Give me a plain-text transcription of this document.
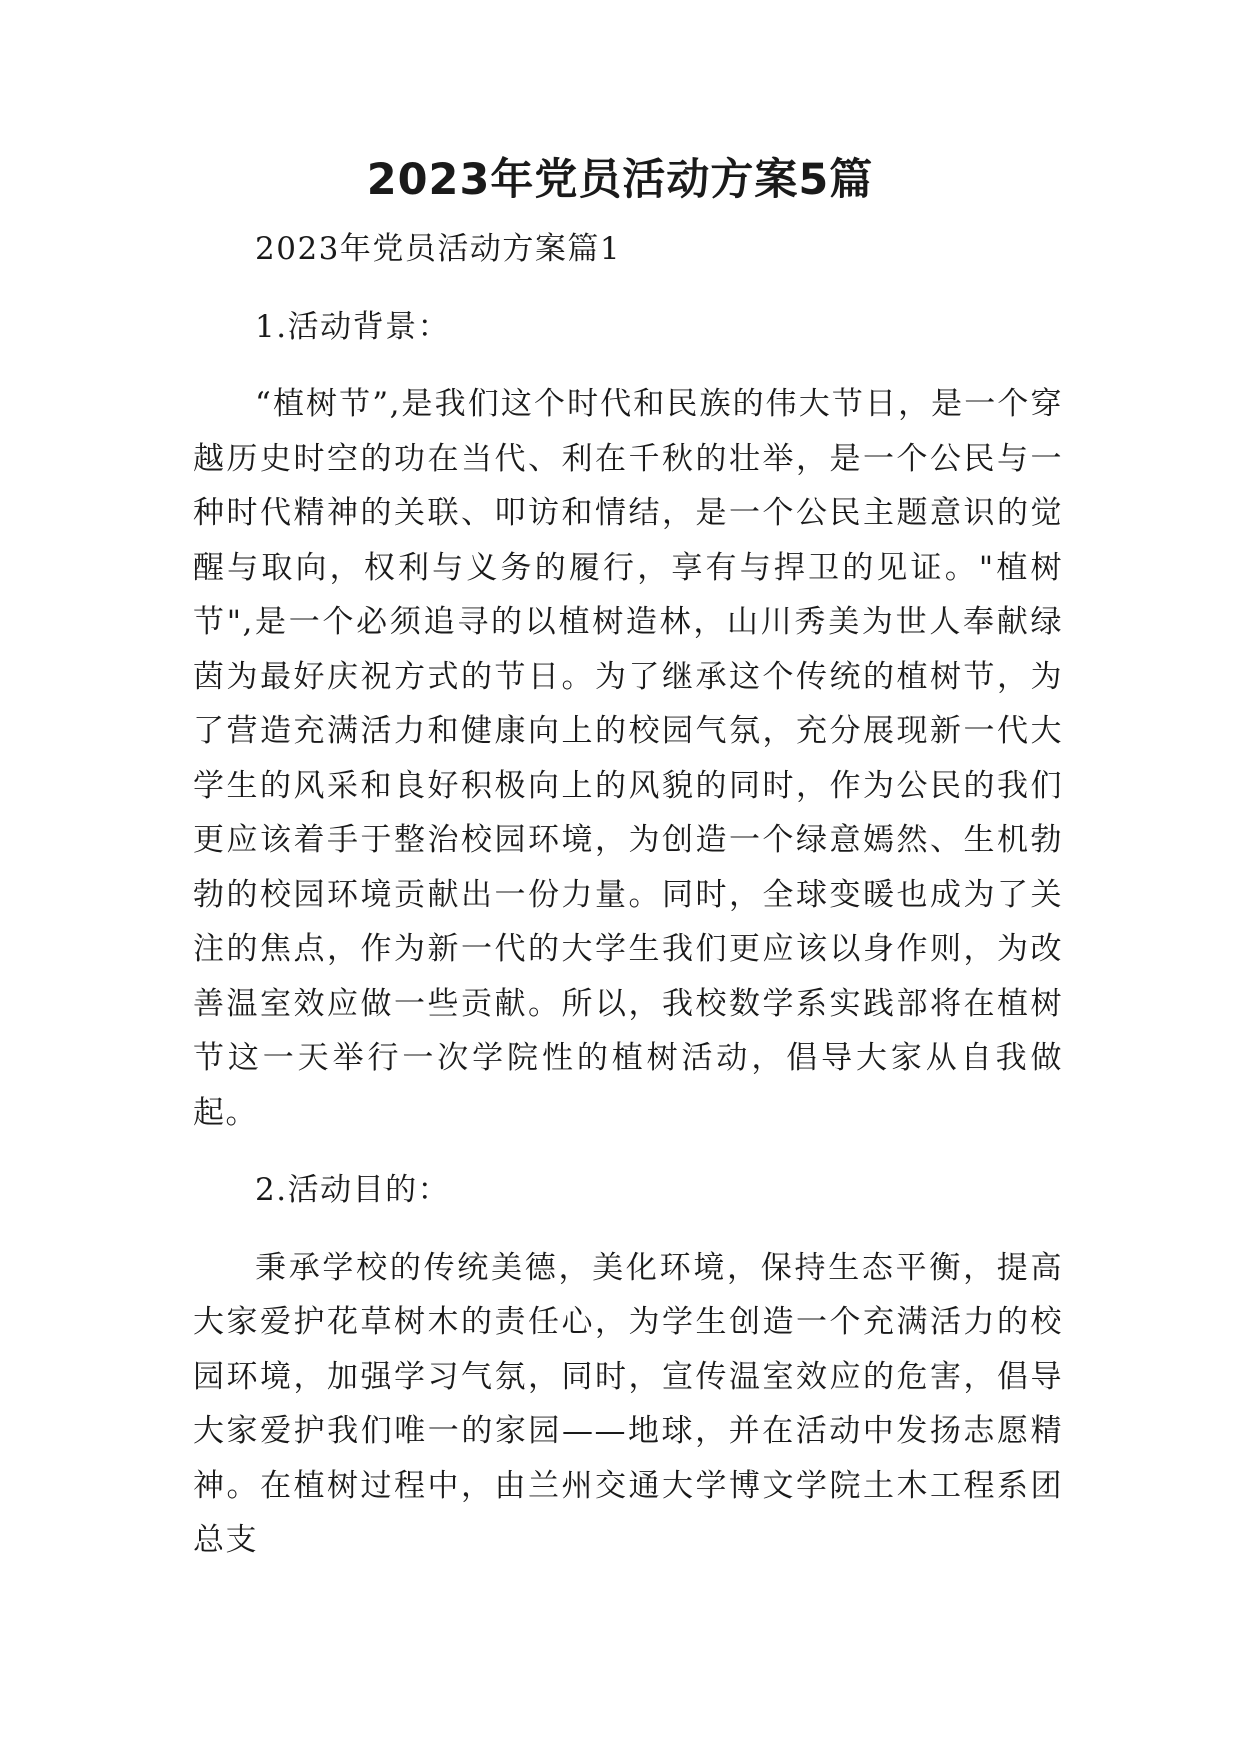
2023年党员活动方案5篇

2023年党员活动方案篇1

1.活动背景：

“植树节”,是我们这个时代和民族的伟大节日，是一个穿越历史时空的功在当代、利在千秋的壮举，是一个公民与一种时代精神的关联、叩访和情结，是一个公民主题意识的觉醒与取向，权利与义务的履行，享有与捍卫的见证。"植树节",是一个必须追寻的以植树造林，山川秀美为世人奉献绿茵为最好庆祝方式的节日。为了继承这个传统的植树节，为了营造充满活力和健康向上的校园气氛，充分展现新一代大学生的风采和良好积极向上的风貌的同时，作为公民的我们更应该着手于整治校园环境，为创造一个绿意嫣然、生机勃勃的校园环境贡献出一份力量。同时，全球变暖也成为了关注的焦点，作为新一代的大学生我们更应该以身作则，为改善温室效应做一些贡献。所以，我校数学系实践部将在植树节这一天举行一次学院性的植树活动，倡导大家从自我做起。

2.活动目的：

秉承学校的传统美德，美化环境，保持生态平衡，提高大家爱护花草树木的责任心，为学生创造一个充满活力的校园环境，加强学习气氛，同时，宣传温室效应的危害，倡导大家爱护我们唯一的家园——地球，并在活动中发扬志愿精神。在植树过程中，由兰州交通大学博文学院土木工程系团总支
